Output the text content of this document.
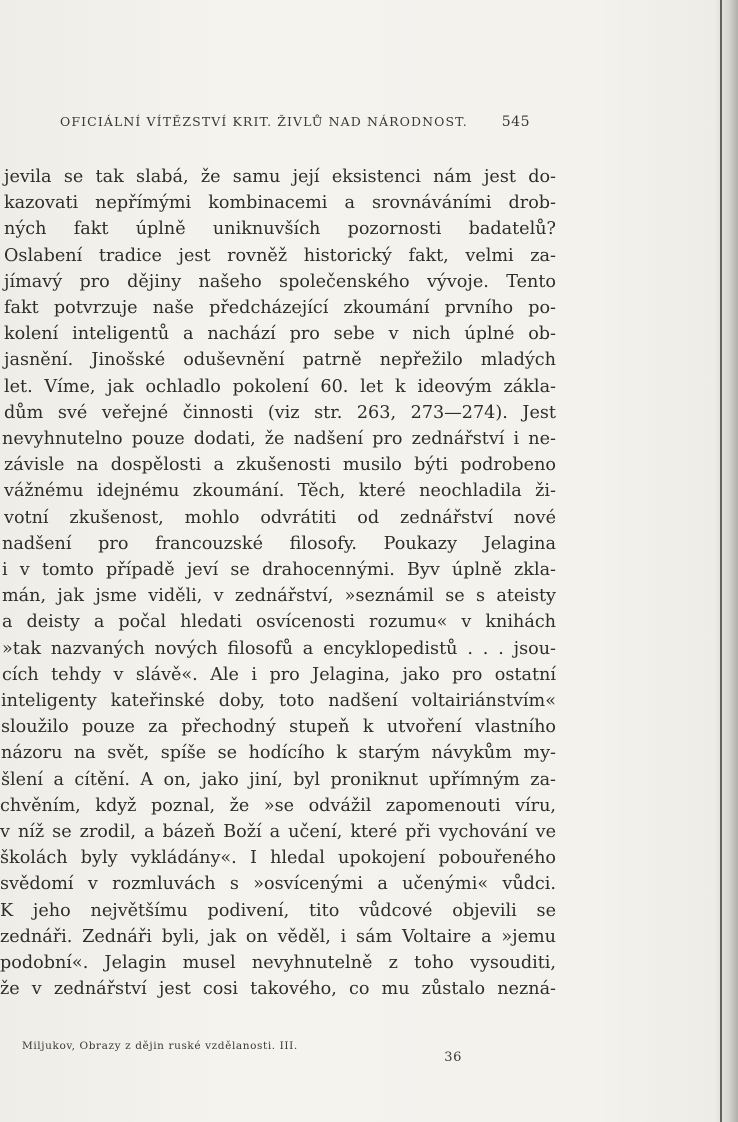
OFICIÁLNÍ VÍTĚZSTVÍ KRIT. ŽIVLŮ NAD NÁRODNOST. 545
jevila se tak slabá, že samu její eksistenci nám jest do-
kazovati nepřímými kombinacemi a srovnáváními drob-
ných fakt úplně uniknuvších pozornosti badatelů?
Oslabení tradice jest rovněž historický fakt, velmi za-
jímavý pro dějiny našeho společenského vývoje. Tento
fakt potvrzuje naše předcházející zkoumání prvního po-
kolení inteligentů a nachází pro sebe v nich úplné ob-
jasnění. Jinošské oduševnění patrně nepřežilo mladých
let. Víme, jak ochladlo pokolení 60. let k ideovým zákla-
dům své veřejné činnosti (viz str. 263, 273—274). Jest
nevyhnutelno pouze dodati, že nadšení pro zednářství i ne-
závisle na dospělosti a zkušenosti musilo býti podrobeno
vážnému idejnému zkoumání. Těch, které neochladila ži-
votní zkušenost, mohlo odvrátiti od zednářství nové
nadšení pro francouzské filosofy. Poukazy Jelagina
i v tomto případě jeví se drahocennými. Byv úplně zkla-
mán, jak jsme viděli, v zednářství, »seznámil se s ateisty
a deisty a počal hledati osvícenosti rozumu« v knihách
»tak nazvaných nových filosofů a encyklopedistů . . . jsou-
cích tehdy v slávě«. Ale i pro Jelagina, jako pro ostatní
inteligenty kateřinské doby, toto nadšení voltairiánstvím«
sloužilo pouze za přechodný stupeň k utvoření vlastního
názoru na svět, spíše se hodícího k starým návykům my-
šlení a cítění. A on, jako jiní, byl proniknut upřímným za-
chvěním, když poznal, že »se odvážil zapomenouti víru,
v níž se zrodil, a bázeň Boží a učení, které při vychování ve
školách byly vykládány«. I hledal upokojení pobouřeného
svědomí v rozmluvách s »osvícenými a učenými« vůdci.
K jeho největšímu podivení, tito vůdcové objevili se
zednáři. Zednáři byli, jak on věděl, i sám Voltaire a »jemu
podobní«. Jelagin musel nevyhnutelně z toho vysouditi,
že v zednářství jest cosi takového, co mu zůstalo nezná-
Miljukov, Obrazy z dějin ruské vzdělanosti. III.
36
